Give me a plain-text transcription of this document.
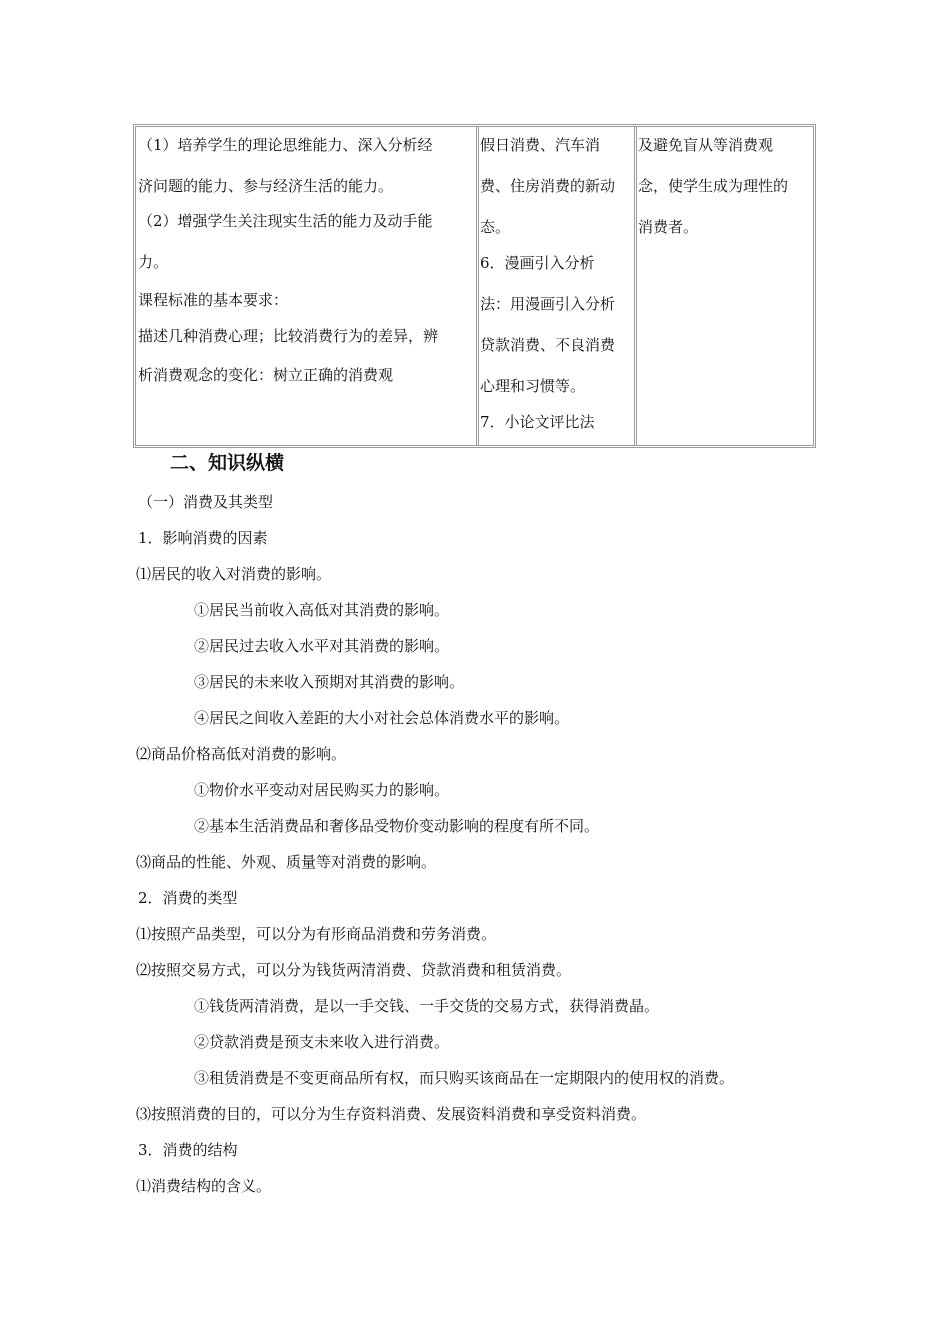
（1）培养学生的理论思维能力、深入分析经
济问题的能力、参与经济生活的能力。
（2）增强学生关注现实生活的能力及动手能
力。
课程标准的基本要求：
描述几种消费心理；比较消费行为的差异，辨
析消费观念的变化：树立正确的消费观
假日消费、汽车消
费、住房消费的新动
态。
6．漫画引入分析
法：用漫画引入分析
贷款消费、不良消费
心理和习惯等。
7．小论文评比法
及避免盲从等消费观
念，使学生成为理性的
消费者。
二、知识纵横
（一）消费及其类型
1．影响消费的因素
⑴居民的收入对消费的影响。
①居民当前收入高低对其消费的影响。
②居民过去收入水平对其消费的影响。
③居民的未来收入预期对其消费的影响。
④居民之间收入差距的大小对社会总体消费水平的影响。
⑵商品价格高低对消费的影响。
①物价水平变动对居民购买力的影响。
②基本生活消费品和奢侈品受物价变动影响的程度有所不同。
⑶商品的性能、外观、质量等对消费的影响。
2．消费的类型
⑴按照产品类型，可以分为有形商品消费和劳务消费。
⑵按照交易方式，可以分为钱货两清消费、贷款消费和租赁消费。
①钱货两清消费，是以一手交钱、一手交货的交易方式，获得消费晶。
②贷款消费是预支未来收入进行消费。
③租赁消费是不变更商品所有权，而只购买该商品在一定期限内的使用权的消费。
⑶按照消费的目的，可以分为生存资料消费、发展资料消费和享受资料消费。
3．消费的结构
⑴消费结构的含义。
